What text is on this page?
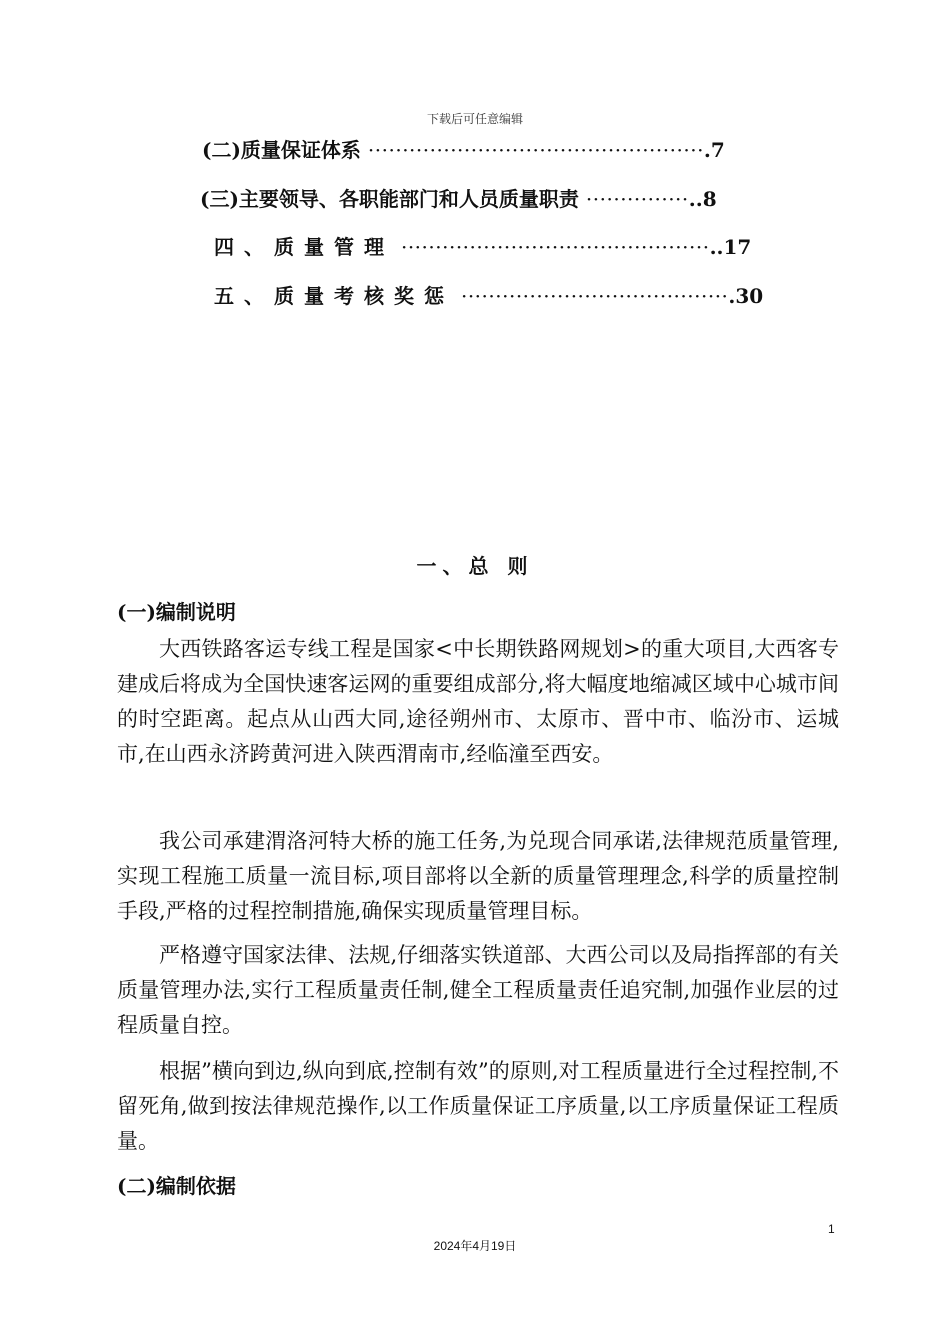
下载后可任意编辑
(二)质量保证体系 ·················································.7
(三)主要领导、各职能部门和人员质量职责 ···············..8
四、质量管理 ·············································..17
五、质量考核奖惩 ·······································.30
一、总 则
(一)编制说明

大西铁路客运专线工程是国家<中长期铁路网规划>的重大项目,大西客专建成后将成为全国快速客运网的重要组成部分,将大幅度地缩减区域中心城市间的时空距离。起点从山西大同,途径朔州市、太原市、晋中市、临汾市、运城市,在山西永济跨黄河进入陕西渭南市,经临潼至西安。

我公司承建渭洛河特大桥的施工任务,为兑现合同承诺,法律规范质量管理,实现工程施工质量一流目标,项目部将以全新的质量管理理念,科学的质量控制手段,严格的过程控制措施,确保实现质量管理目标。

严格遵守国家法律、法规,仔细落实铁道部、大西公司以及局指挥部的有关质量管理办法,实行工程质量责任制,健全工程质量责任追究制,加强作业层的过程质量自控。

根据”横向到边,纵向到底,控制有效”的原则,对工程质量进行全过程控制,不留死角,做到按法律规范操作,以工作质量保证工序质量,以工序质量保证工程质量。

(二)编制依据
1
2024年4月19日
